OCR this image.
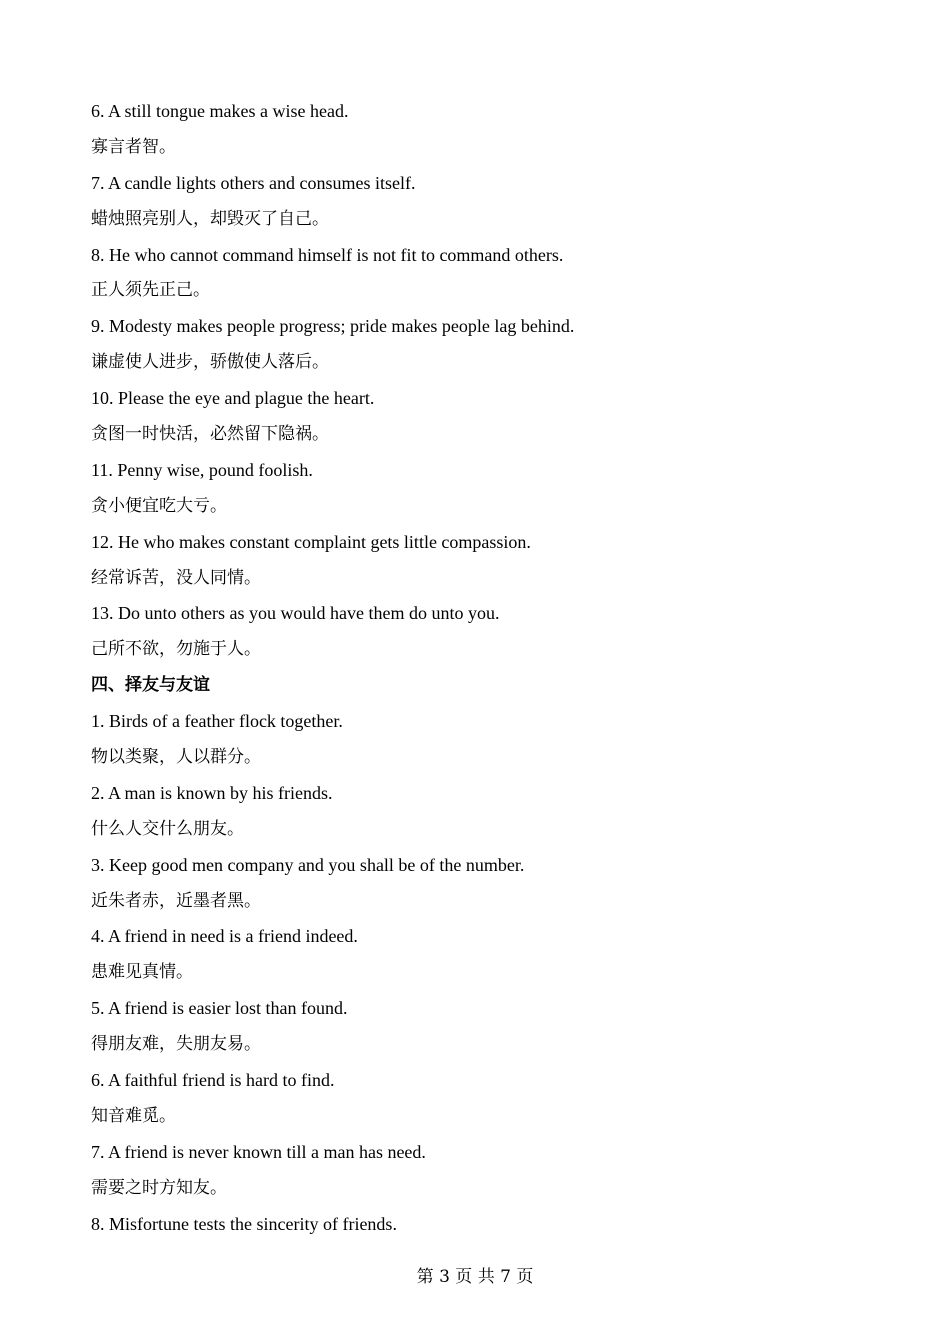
6. A still tongue makes a wise head.
寡言者智。
7. A candle lights others and consumes itself.
蜡烛照亮别人，却毁灭了自己。
8. He who cannot command himself is not fit to command others.
正人须先正己。
9. Modesty makes people progress; pride makes people lag behind.
谦虚使人进步，骄傲使人落后。
10. Please the eye and plague the heart.
贪图一时快活，必然留下隐祸。
11. Penny wise, pound foolish.
贪小便宜吃大亏。
12. He who makes constant complaint gets little compassion.
经常诉苦，没人同情。
13. Do unto others as you would have them do unto you.
己所不欲，勿施于人。
四、择友与友谊
1. Birds of a feather flock together.
物以类聚，人以群分。
2. A man is known by his friends.
什么人交什么朋友。
3. Keep good men company and you shall be of the number.
近朱者赤，近墨者黑。
4. A friend in need is a friend indeed.
患难见真情。
5. A friend is easier lost than found.
得朋友难，失朋友易。
6. A faithful friend is hard to find.
知音难觅。
7. A friend is never known till a man has need.
需要之时方知友。
8. Misfortune tests the sincerity of friends.
第 3 页 共 7 页
